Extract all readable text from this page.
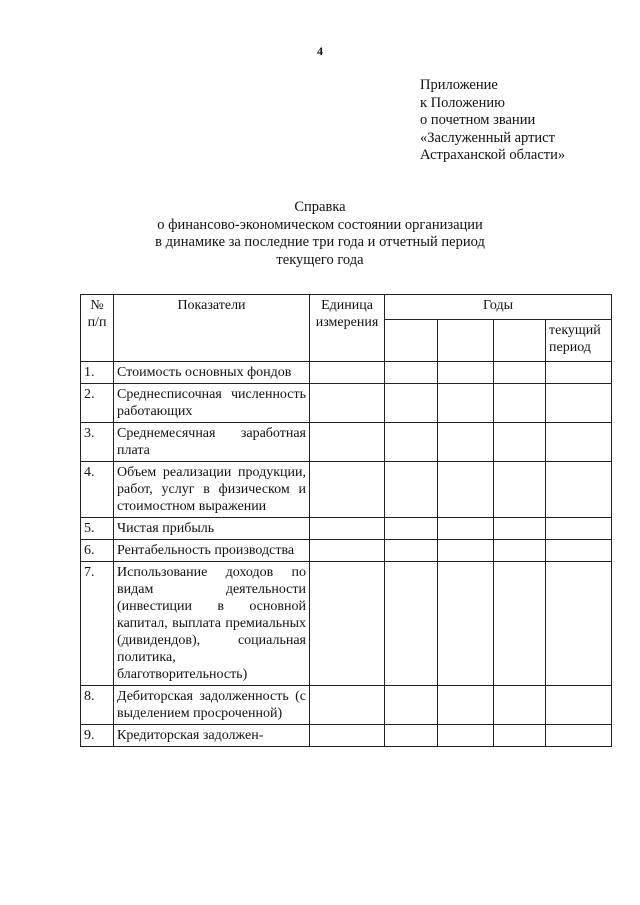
4
Приложение
к Положению
о почетном звании
«Заслуженный артист
Астраханской области»
Справка
о финансово-экономическом состоянии организации
в динамике за последние три года и отчетный период
текущего года
№ п/п	Показатели	Единица измерения	Годы			
						текущий период
1.	Стоимость основных фондов					
2.	Среднесписочная численность работающих					
3.	Среднемесячная заработная плата					
4.	Объем реализации продукции, работ, услуг в физическом и стоимостном выражении					
5.	Чистая прибыль					
6.	Рентабельность производства					
7.	Использование доходов по видам деятельности (инвестиции в основной капитал, выплата премиальных (дивидендов), социальная политика, благотворительность)					
8.	Дебиторская задолженность (с выделением просроченной)					
9.	Кредиторская задолжен-					
